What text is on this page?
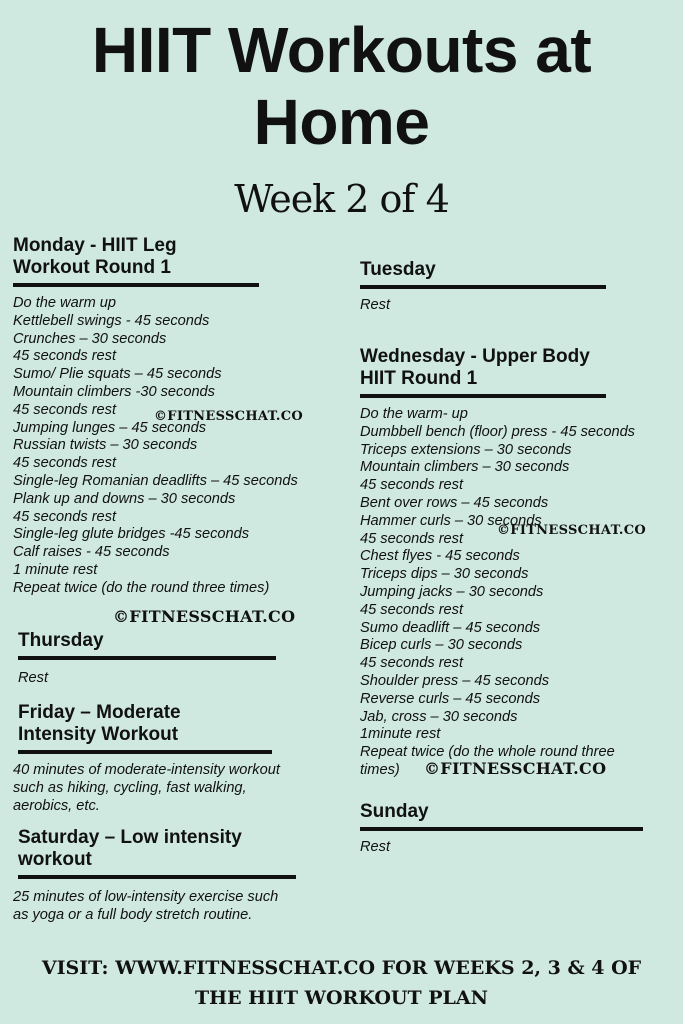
HIIT Workouts at
Home
Week 2 of 4
Monday - HIIT Leg
Workout Round 1
Do the warm up
Kettlebell swings - 45 seconds
Crunches – 30 seconds
45 seconds rest
Sumo/ Plie squats – 45 seconds
Mountain climbers -30 seconds
45 seconds rest
Jumping lunges – 45 seconds
Russian twists – 30 seconds
45 seconds rest
Single-leg Romanian deadlifts – 45 seconds
Plank up and downs – 30 seconds
45 seconds rest
Single-leg glute bridges -45 seconds
Calf raises - 45 seconds
1 minute rest
Repeat twice (do the round three times)
Tuesday
Rest
Wednesday - Upper Body
HIIT Round 1
Do the warm- up
Dumbbell bench (floor) press - 45 seconds
Triceps extensions – 30 seconds
Mountain climbers – 30 seconds
45 seconds rest
Bent over rows – 45 seconds
Hammer curls – 30 seconds
45 seconds rest
Chest flyes - 45 seconds
Triceps dips – 30 seconds
Jumping jacks – 30 seconds
45 seconds rest
Sumo deadlift – 45 seconds
Bicep curls – 30 seconds
45 seconds rest
Shoulder press – 45 seconds
Reverse curls – 45 seconds
Jab, cross – 30 seconds
1minute rest
Repeat twice (do the whole round three
times)
Thursday
Rest
Friday – Moderate
Intensity Workout
40 minutes of moderate-intensity workout such as hiking, cycling, fast walking, aerobics, etc.
Saturday – Low intensity
workout
25 minutes of low-intensity exercise such as yoga or a full body stretch routine.
Sunday
Rest
©FITNESSCHAT.CO
©FITNESSCHAT.CO
©FITNESSCHAT.CO
©FITNESSCHAT.CO
VISIT: WWW.FITNESSCHAT.CO FOR WEEKS 2, 3 & 4 OF
THE HIIT WORKOUT PLAN
